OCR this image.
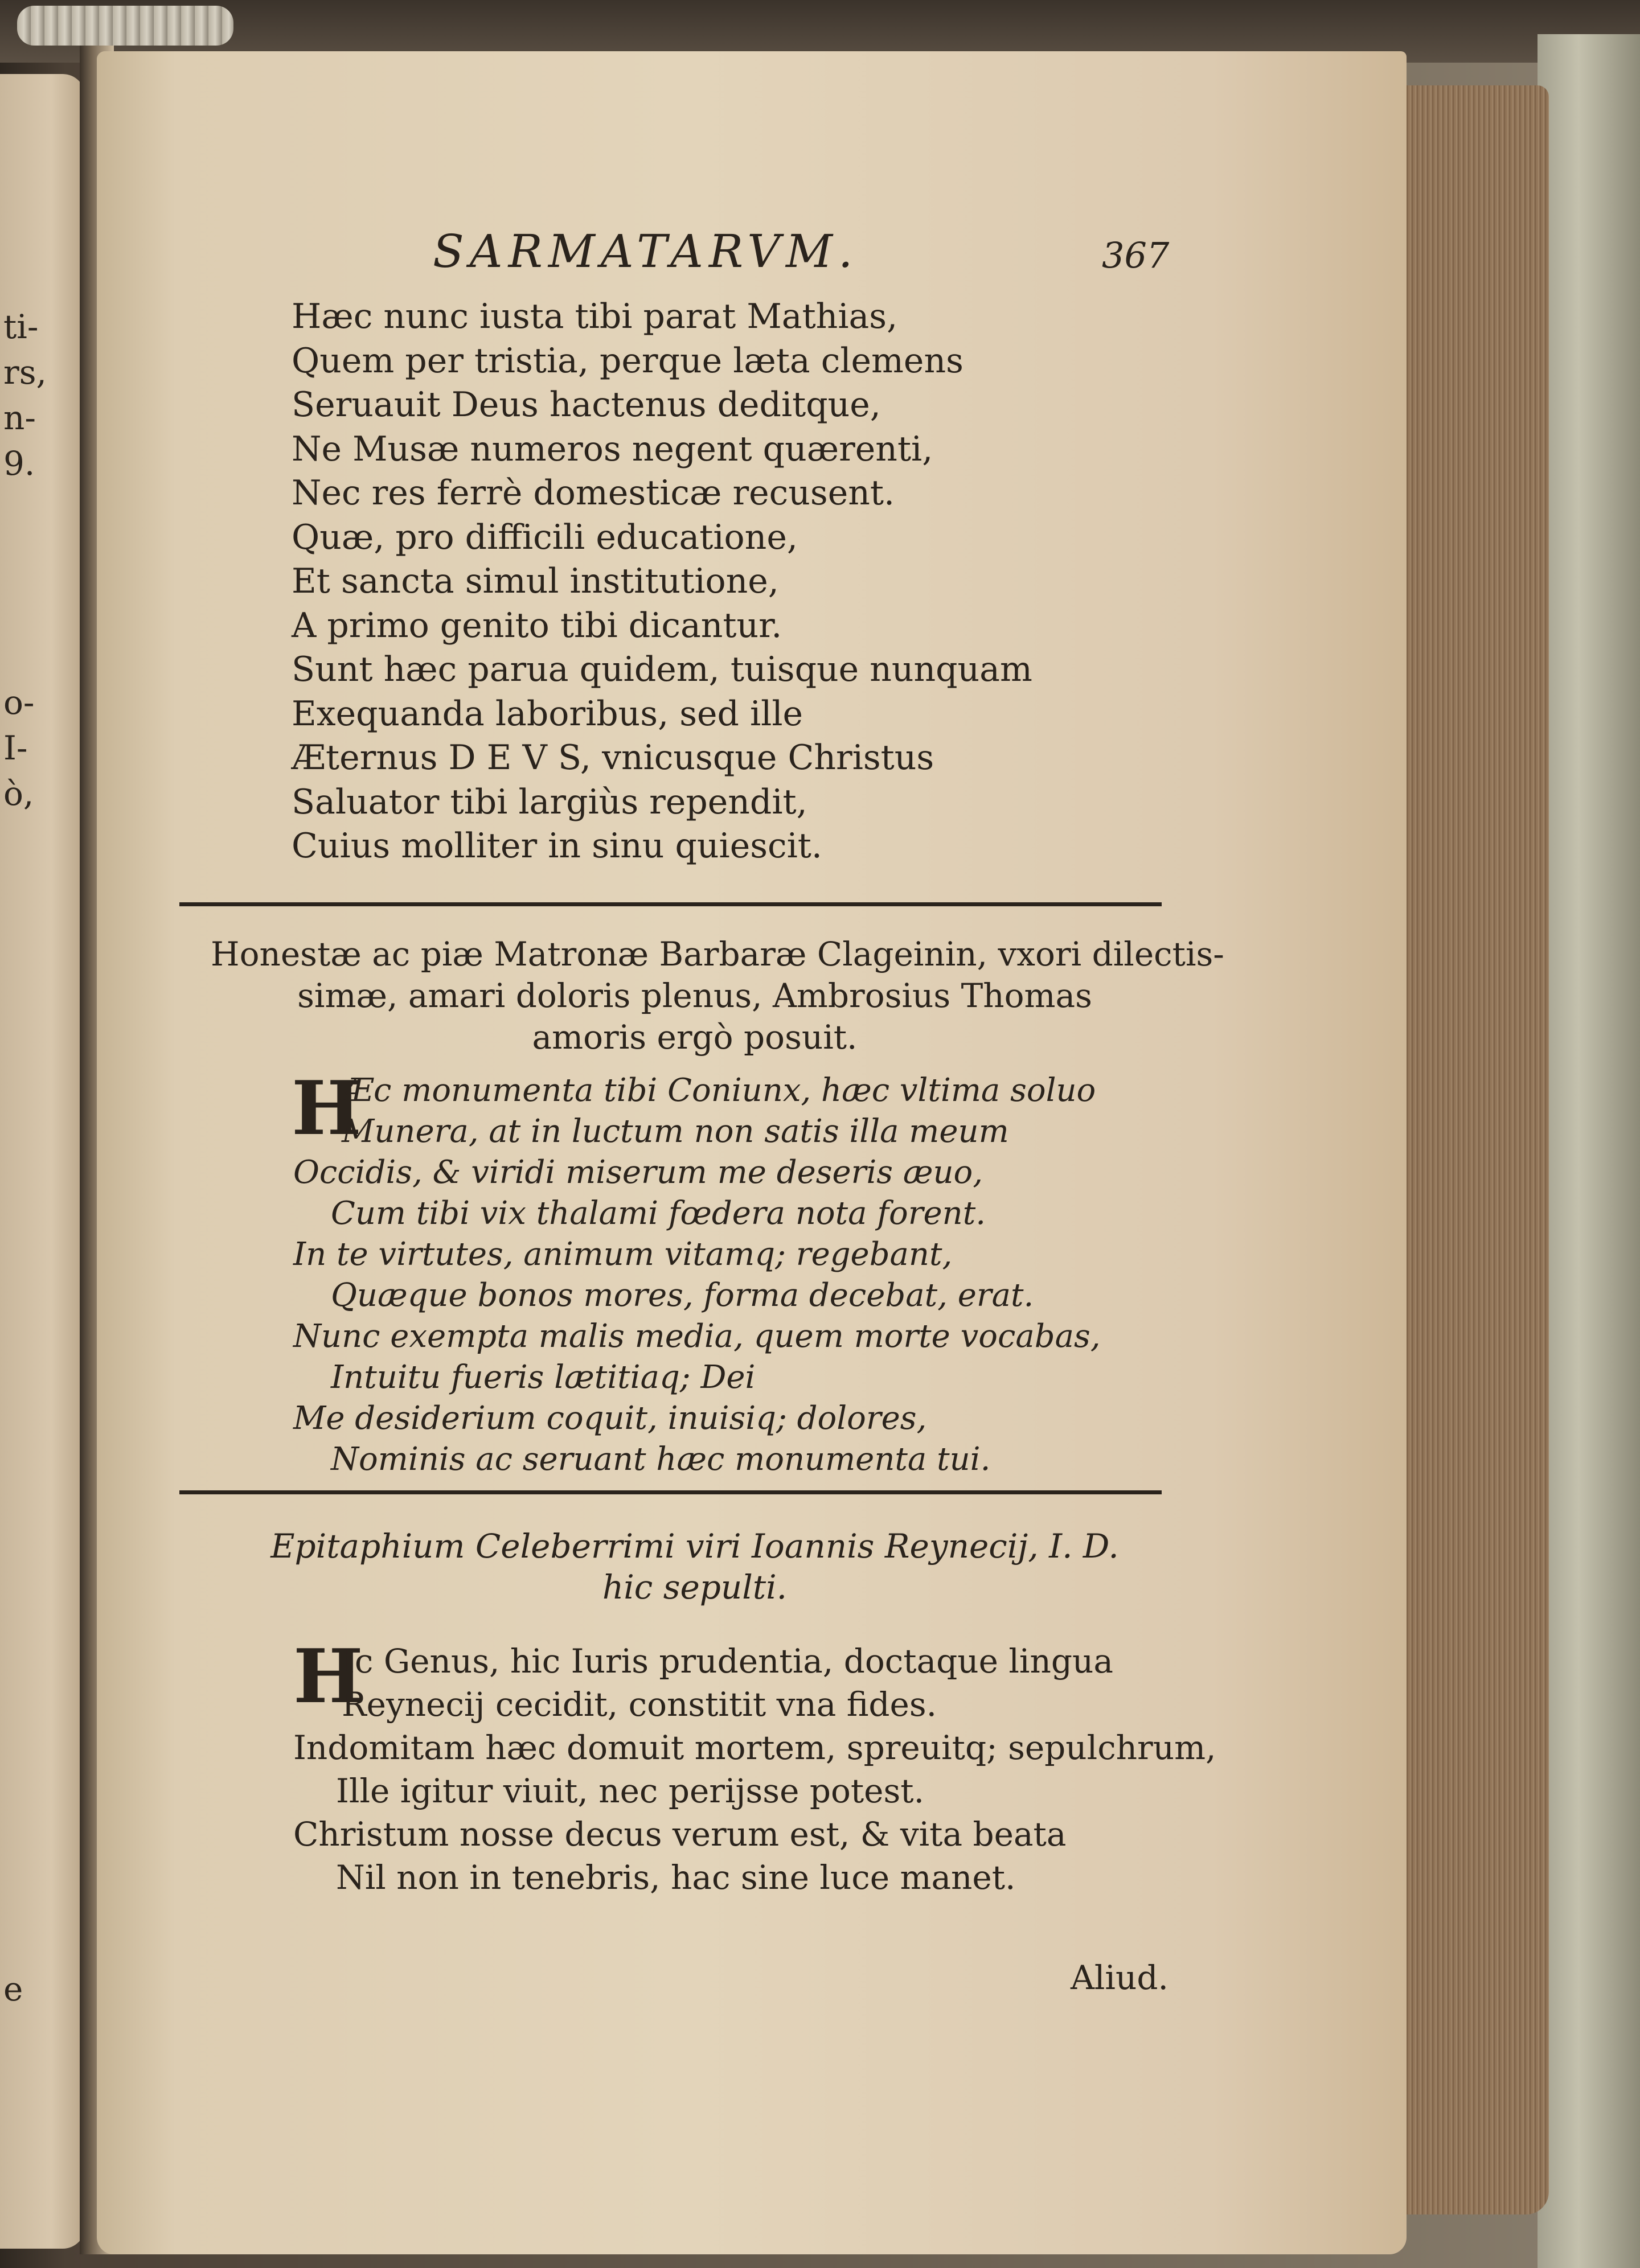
ti-
rs,
n-
9.
o-
I-
ò,
e
SARMATARVM.	367
Hæc nunc iusta tibi parat Mathias,
Quem per tristia, perque læta clemens
Seruauit Deus hactenus deditque,
Ne Musæ numeros negent quærenti,
Nec res ferrè domesticæ recusent.
Quæ, pro difficili educatione,
Et sancta simul institutione,
A primo genito tibi dicantur.
Sunt hæc parua quidem, tuisque nunquam
Exequanda laboribus, sed ille
Æternus D E V S, vnicusque Christus
Saluator tibi largiùs rependit,
Cuius molliter in sinu quiescit.
Honestæ ac piæ Matronæ Barbaræ Clageinin, vxori dilectis-
simæ, amari doloris plenus, Ambrosius Thomas
amoris ergò posuit.
H
Æc monumenta tibi Coniunx, hæc vltima soluo
Munera, at in luctum non satis illa meum
Occidis, & viridi miserum me deseris æuo,
Cum tibi vix thalami fœdera nota forent.
In te virtutes, animum vitamq; regebant,
Quæque bonos mores, forma decebat, erat.
Nunc exempta malis media, quem morte vocabas,
Intuitu fueris lætitiaq; Dei
Me desiderium coquit, inuisiq; dolores,
Nominis ac seruant hæc monumenta tui.
Epitaphium Celeberrimi viri Ioannis Reynecij, I. D.
hic sepulti.
H
Ic Genus, hic Iuris prudentia, doctaque lingua
Reynecij cecidit, constitit vna fides.
Indomitam hæc domuit mortem, spreuitq; sepulchrum,
Ille igitur viuit, nec perijsse potest.
Christum nosse decus verum est, & vita beata
Nil non in tenebris, hac sine luce manet.
Aliud.
